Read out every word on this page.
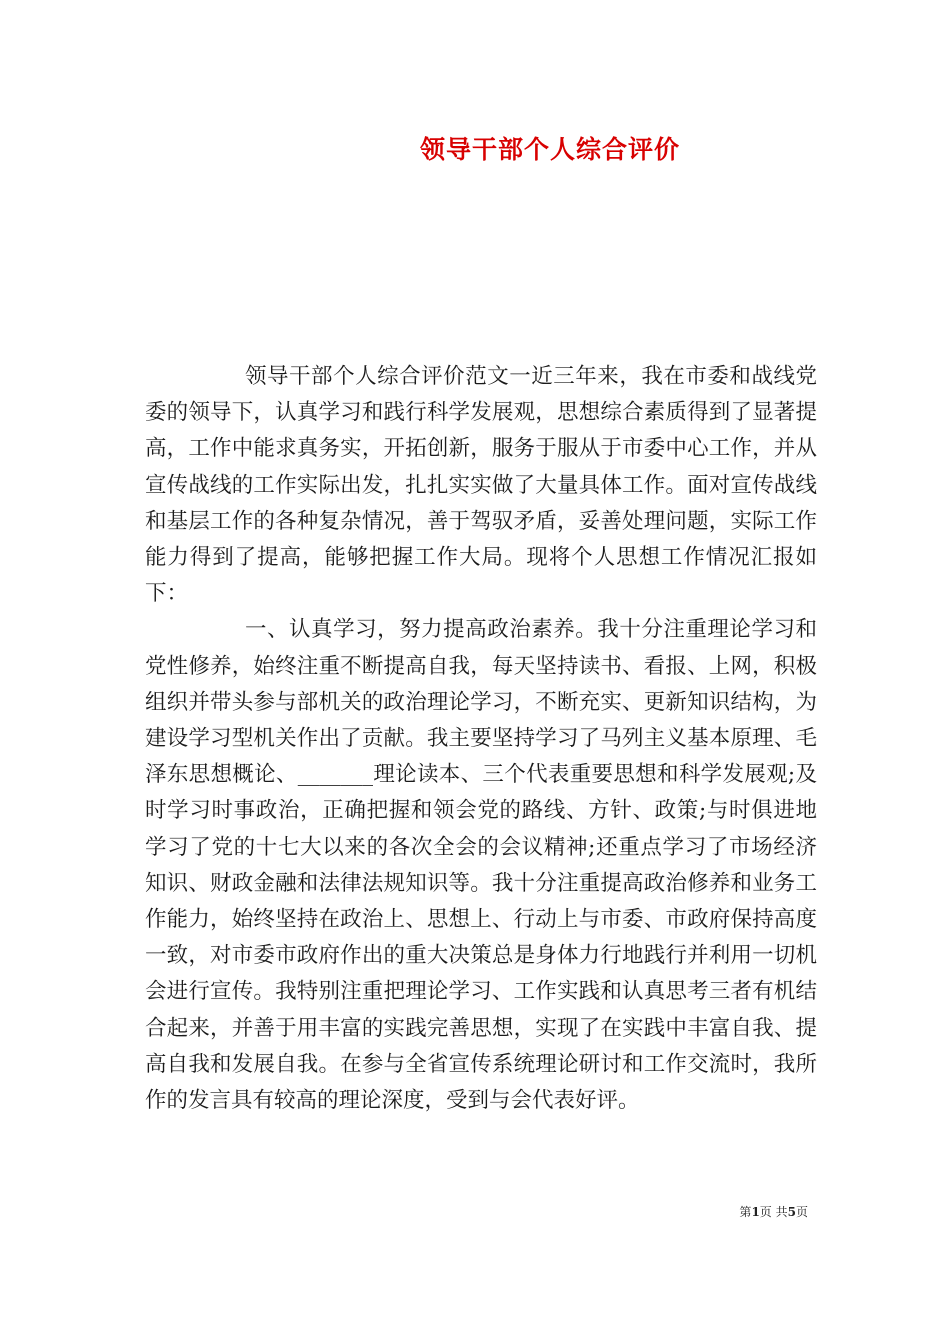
领导干部个人综合评价

领导干部个人综合评价范文一近三年来，我在市委和战线党委的领导下，认真学习和践行科学发展观，思想综合素质得到了显著提高，工作中能求真务实，开拓创新，服务于服从于市委中心工作，并从宣传战线的工作实际出发，扎扎实实做了大量具体工作。面对宣传战线和基层工作的各种复杂情况，善于驾驭矛盾，妥善处理问题，实际工作能力得到了提高，能够把握工作大局。现将个人思想工作情况汇报如下：

一、认真学习，努力提高政治素养。我十分注重理论学习和党性修养，始终注重不断提高自我，每天坚持读书、看报、上网，积极组织并带头参与部机关的政治理论学习，不断充实、更新知识结构，为建设学习型机关作出了贡献。我主要坚持学习了马列主义基本原理、毛泽东思想概论、_______理论读本、三个代表重要思想和科学发展观;及时学习时事政治，正确把握和领会党的路线、方针、政策;与时俱进地学习了党的十七大以来的各次全会的会议精神;还重点学习了市场经济知识、财政金融和法律法规知识等。我十分注重提高政治修养和业务工作能力，始终坚持在政治上、思想上、行动上与市委、市政府保持高度一致，对市委市政府作出的重大决策总是身体力行地践行并利用一切机会进行宣传。我特别注重把理论学习、工作实践和认真思考三者有机结合起来，并善于用丰富的实践完善思想，实现了在实践中丰富自我、提高自我和发展自我。在参与全省宣传系统理论研讨和工作交流时，我所作的发言具有较高的理论深度，受到与会代表好评。

第1页 共5页
